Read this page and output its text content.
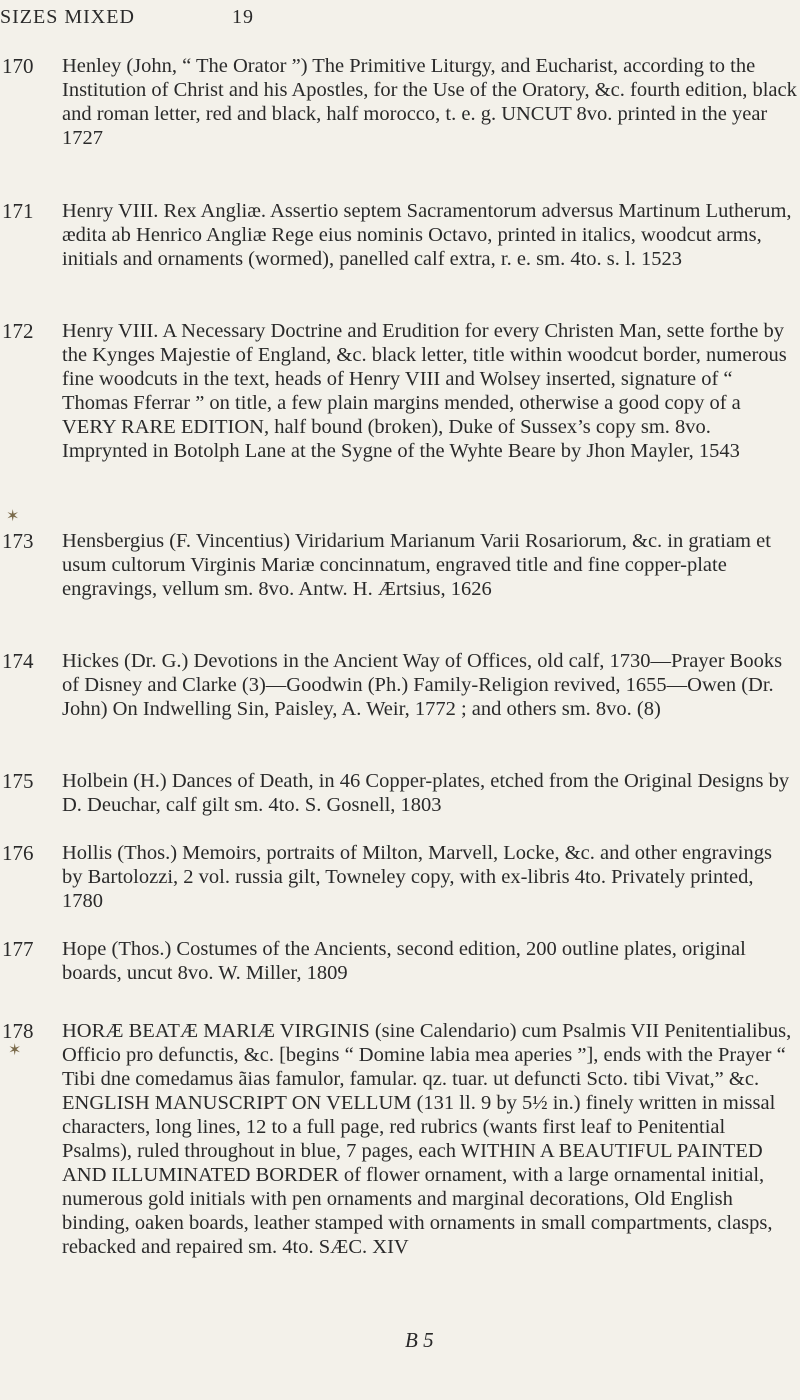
SIZES MIXED	19
✶
✶
170 Henley (John, “ The Orator ”) The Primitive Liturgy, and Eucharist, according to the Institution of Christ and his Apostles, for the Use of the Oratory, &c. fourth edition, black and roman letter, red and black, half morocco, t. e. g. UNCUT 8vo. printed in the year 1727
171 Henry VIII. Rex Angliæ. Assertio septem Sacramentorum adversus Martinum Lutherum, ædita ab Henrico Angliæ Rege eius nominis Octavo, printed in italics, woodcut arms, initials and ornaments (wormed), panelled calf extra, r. e. sm. 4to. s. l. 1523
172 Henry VIII. A Necessary Doctrine and Erudition for every Christen Man, sette forthe by the Kynges Majestie of England, &c. black letter, title within woodcut border, numerous fine woodcuts in the text, heads of Henry VIII and Wolsey inserted, signature of “ Thomas Fferrar ” on title, a few plain margins mended, otherwise a good copy of a VERY RARE EDITION, half bound (broken), Duke of Sussex’s copy sm. 8vo. Imprynted in Botolph Lane at the Sygne of the Wyhte Beare by Jhon Mayler, 1543
173 Hensbergius (F. Vincentius) Viridarium Marianum Varii Rosariorum, &c. in gratiam et usum cultorum Virginis Mariæ concinnatum, engraved title and fine copper-plate engravings, vellum sm. 8vo. Antw. H. Ærtsius, 1626
174 Hickes (Dr. G.) Devotions in the Ancient Way of Offices, old calf, 1730—Prayer Books of Disney and Clarke (3)—Goodwin (Ph.) Family-Religion revived, 1655—Owen (Dr. John) On Indwelling Sin, Paisley, A. Weir, 1772 ; and others sm. 8vo. (8)
175 Holbein (H.) Dances of Death, in 46 Copper-plates, etched from the Original Designs by D. Deuchar, calf gilt sm. 4to. S. Gosnell, 1803
176 Hollis (Thos.) Memoirs, portraits of Milton, Marvell, Locke, &c. and other engravings by Bartolozzi, 2 vol. russia gilt, Towneley copy, with ex-libris 4to. Privately printed, 1780
177 Hope (Thos.) Costumes of the Ancients, second edition, 200 outline plates, original boards, uncut 8vo. W. Miller, 1809
178 HORÆ BEATÆ MARIÆ VIRGINIS (sine Calendario) cum Psalmis VII Penitentialibus, Officio pro defunctis, &c. [begins “ Domine labia mea aperies ”], ends with the Prayer “ Tibi dne comedamus ãias famulor, famular. qz. tuar. ut defuncti Scto. tibi Vivat,” &c. ENGLISH MANUSCRIPT ON VELLUM (131 ll. 9 by 5½ in.) finely written in missal characters, long lines, 12 to a full page, red rubrics (wants first leaf to Penitential Psalms), ruled throughout in blue, 7 pages, each WITHIN A BEAUTIFUL PAINTED AND ILLUMINATED BORDER of flower ornament, with a large ornamental initial, numerous gold initials with pen ornaments and marginal decorations, Old English binding, oaken boards, leather stamped with ornaments in small compartments, clasps, rebacked and repaired sm. 4to. SÆC. XIV
B 5
